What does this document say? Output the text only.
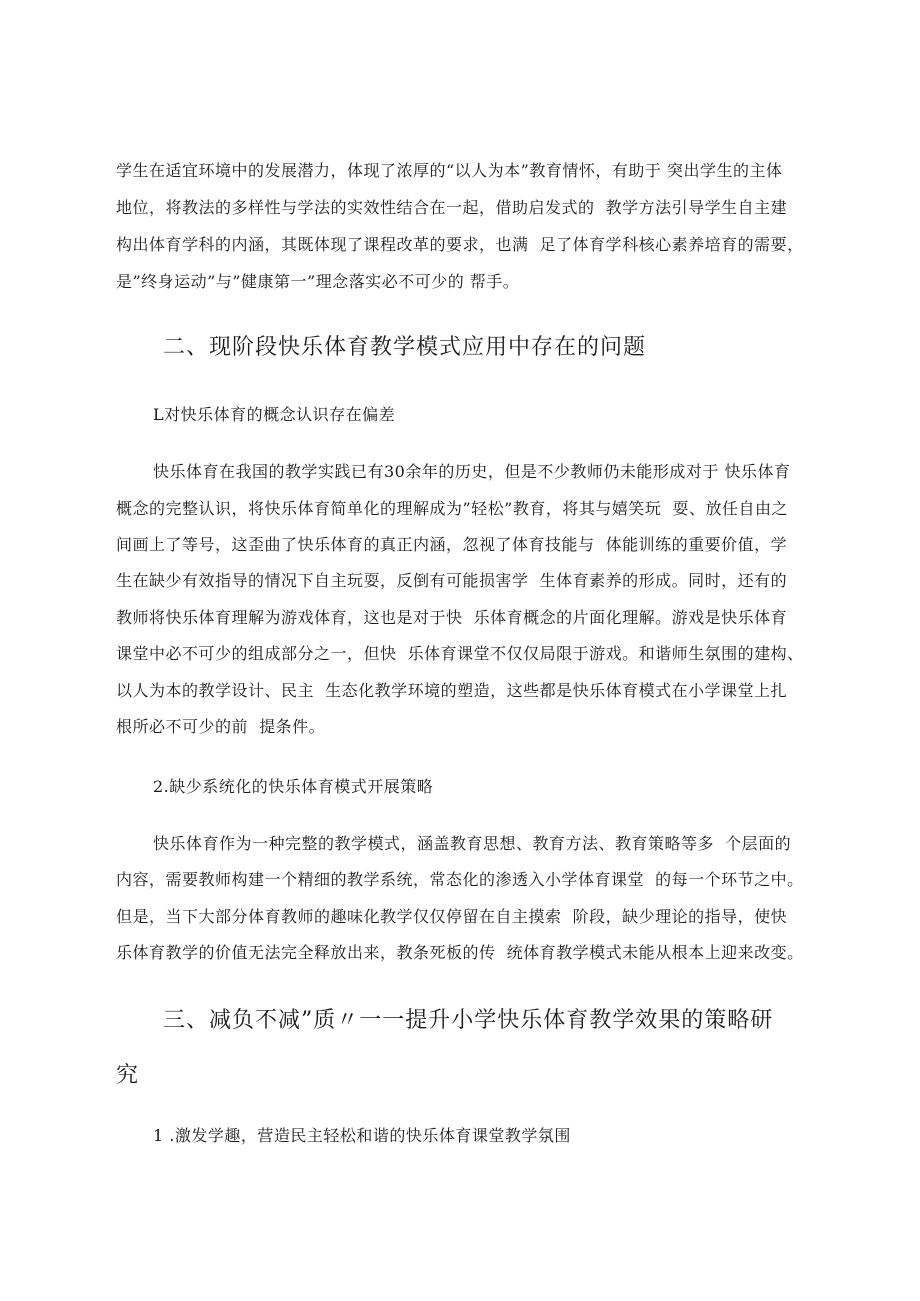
学生在适宜环境中的发展潜力，体现了浓厚的“以人为本”教育情怀，有助于 突出学生的主体
地位，将教法的多样性与学法的实效性结合在一起，借助启发式的  教学方法引导学生自主建
构出体育学科的内涵，其既体现了课程改革的要求，也满  足了体育学科核心素养培育的需要，
是”终身运动”与”健康第一”理念落实必不可少的 帮手。
二、现阶段快乐体育教学模式应用中存在的问题
L对快乐体育的概念认识存在偏差
快乐体育在我国的教学实践已有30余年的历史，但是不少教师仍未能形成对于 快乐体育
概念的完整认识，将快乐体育简单化的理解成为”轻松”教育，将其与嬉笑玩  耍、放任自由之
间画上了等号，这歪曲了快乐体育的真正内涵，忽视了体育技能与  体能训练的重要价值，学
生在缺少有效指导的情况下自主玩耍，反倒有可能损害学  生体育素养的形成。同时，还有的
教师将快乐体育理解为游戏体育，这也是对于快  乐体育概念的片面化理解。游戏是快乐体育
课堂中必不可少的组成部分之一，但快  乐体育课堂不仅仅局限于游戏。和谐师生氛围的建构、
以人为本的教学设计、民主  生态化教学环境的塑造，这些都是快乐体育模式在小学课堂上扎
根所必不可少的前  提条件。
2.缺少系统化的快乐体育模式开展策略
快乐体育作为一种完整的教学模式，涵盖教育思想、教育方法、教育策略等多  个层面的
内容，需要教师构建一个精细的教学系统，常态化的渗透入小学体育课堂  的每一个环节之中。
但是，当下大部分体育教师的趣味化教学仅仅停留在自主摸索  阶段，缺少理论的指导，使快
乐体育教学的价值无法完全释放出来，教条死板的传  统体育教学模式未能从根本上迎来改变。
三、减负不减”质〃一一提升小学快乐体育教学效果的策略研
究
1 .激发学趣，营造民主轻松和谐的快乐体育课堂教学氛围
